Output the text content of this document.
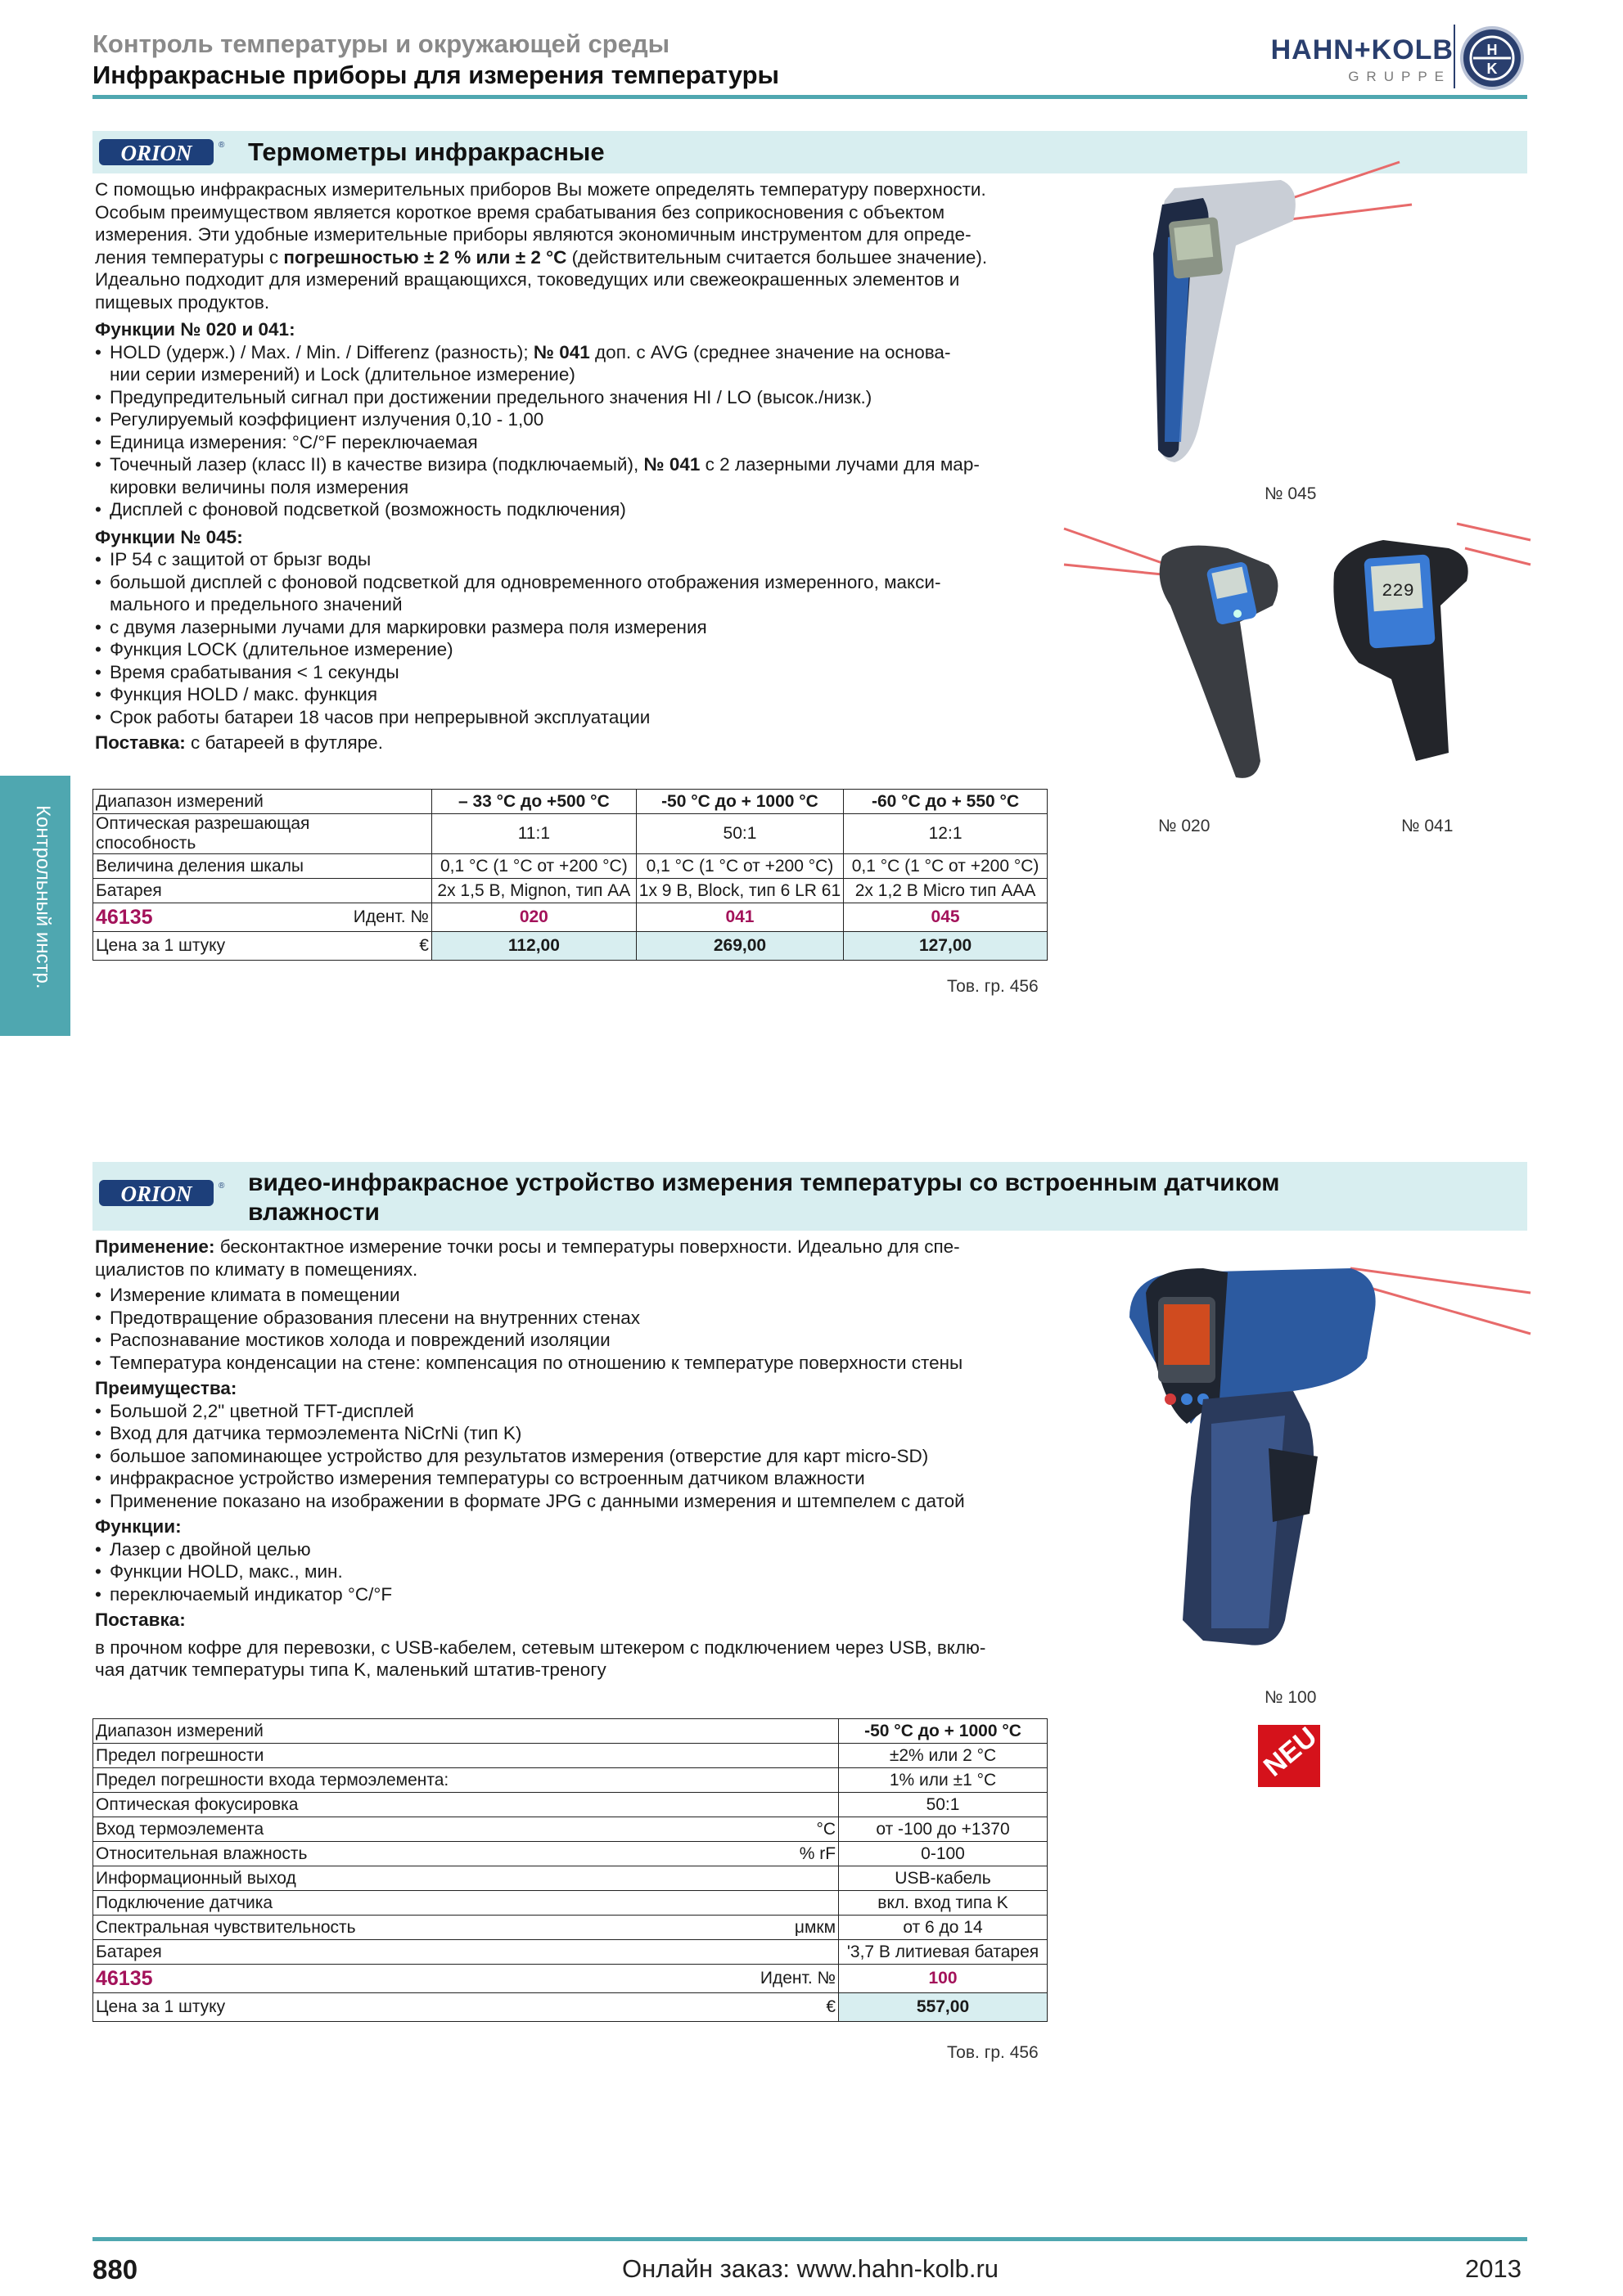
Контроль температуры и окружающей среды
Инфракрасные приборы для измерения температуры
HAHN+KOLB
GRUPPE
H
K
Контрольный инстр.
ORION	® Термометры инфракрасные

С помощью инфракрасных измерительных приборов Вы можете определять температуру поверхности.

Особым преимуществом является короткое время срабатывания без соприкосновения с объектом

измерения. Эти удобные измерительные приборы являются экономичным инструментом для опреде-

ления температуры с погрешностью ± 2 % или ± 2 °C (действительным считается большее значение).

Идеально подходит для измерений вращающихся, токоведущих или свежеокрашенных элементов и

пищевых продуктов.

Функции № 020 и 041:

• HOLD (удерж.) / Max. / Min. / Differenz (разность); № 041 доп. с AVG (среднее значение на основа-
нии серии измерений) и Lock (длительное измерение)
• Предупредительный сигнал при достижении предельного значения HI / LO (высок./низк.)
• Регулируемый коэффициент излучения 0,10 - 1,00
• Единица измерения: °C/°F переключаемая
• Точечный лазер (класс II) в качестве визира (подключаемый), № 041 с 2 лазерными лучами для мар-
кировки величины поля измерения
• Дисплей с фоновой подсветкой (возможность подключения)

Функции № 045:

• IP 54 с защитой от брызг воды
• большой дисплей с фоновой подсветкой для одновременного отображения измеренного, макси-
мального и предельного значений
• с двумя лазерными лучами для маркировки размера поля измерения
• Функция LOCK (длительное измерение)
• Время срабатывания < 1 секунды
• Функция HOLD / макс. функция
• Срок работы батареи 18 часов при непрерывной эксплуатации

Поставка: с батареей в футляре.

Диапазон измерений		– 33 °C до +500 °C	-50 °C до + 1000 °C	-60 °C до + 550 °C
Оптическая разрешающая
способность		11:1	50:1	12:1
Величина деления шкалы		0,1 °C (1 °C от +200 °C)	0,1 °C (1 °C от +200 °C)	0,1 °C (1 °C от +200 °C)
Батарея		2x 1,5 В, Mignon, тип AA	1x 9 В, Block, тип 6 LR 61	2x 1,2 В Micro тип AAA
46135	Идент. №	020	041	045
Цена за 1 штуку	€	112,00	269,00	127,00
Тов. гр. 456
№ 045
229
№ 020	№ 041
ORION	® видео-инфракрасное устройство измерения температуры со встроенным датчиком
влажности

Применение: бесконтактное измерение точки росы и температуры поверхности. Идеально для спе-

циалистов по климату в помещениях.

• Измерение климата в помещении
• Предотвращение образования плесени на внутренних стенах
• Распознавание мостиков холода и повреждений изоляции
• Температура конденсации на стене: компенсация по отношению к температуре поверхности стены

Преимущества:

• Большой 2,2" цветной TFT-дисплей
• Вход для датчика термоэлемента NiCrNi (тип K)
• большое запоминающее устройство для результатов измерения (отверстие для карт micro-SD)
• инфракрасное устройство измерения температуры со встроенным датчиком влажности
• Применение показано на изображении в формате JPG с данными измерения и штемпелем с датой

Функции:

• Лазер с двойной целью
• Функции HOLD, макс., мин.
• переключаемый индикатор °C/°F

Поставка:

в прочном кофре для перевозки, с USB-кабелем, сетевым штекером с подключением через USB, вклю-

чая датчик температуры типа K, маленький штатив-треногу

Диапазон измерений		-50 °C до + 1000 °C
Предел погрешности		±2% или 2 °C
Предел погрешности входа термоэлемента:		1% или ±1 °C
Оптическая фокусировка		50:1
Вход термоэлемента	°C	от -100 до +1370
Относительная влажность	% rF	0-100
Информационный выход		USB-кабель
Подключение датчика		вкл. вход типа K
Спектральная чувствительность	μмкм	от 6 до 14
Батарея		'3,7 В литиевая батарея
46135	Идент. №	100
Цена за 1 штуку	€	557,00
Тов. гр. 456
№ 100
NEU
880	Онлайн заказ: www.hahn-kolb.ru	2013
